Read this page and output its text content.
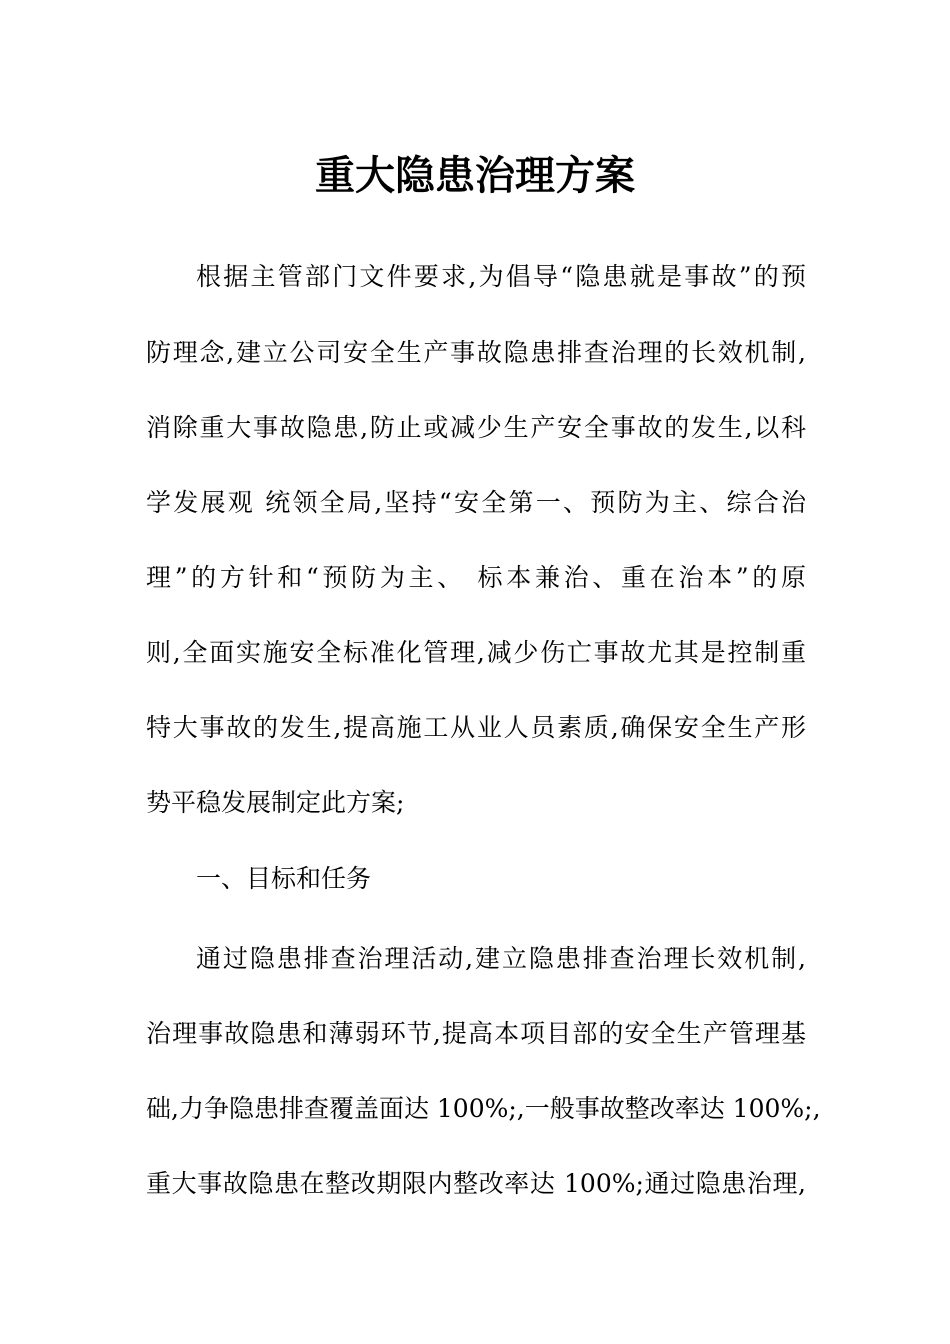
重大隐患治理方案
根据主管部门文件要求,为倡导“隐患就是事故”的预
防理念,建立公司安全生产事故隐患排查治理的长效机制,
消除重大事故隐患,防止或减少生产安全事故的发生,以科
学发展观 统领全局,坚持“安全第一、预防为主、综合治
理”的方针和“预防为主、 标本兼治、重在治本”的原
则,全面实施安全标准化管理,减少伤亡事故尤其是控制重
特大事故的发生,提高施工从业人员素质,确保安全生产形
势平稳发展制定此方案;
一、目标和任务
通过隐患排查治理活动,建立隐患排查治理长效机制,
治理事故隐患和薄弱环节,提高本项目部的安全生产管理基
础,力争隐患排查覆盖面达 100%;,一般事故整改率达 100%;,
重大事故隐患在整改期限内整改率达 100%;通过隐患治理,
